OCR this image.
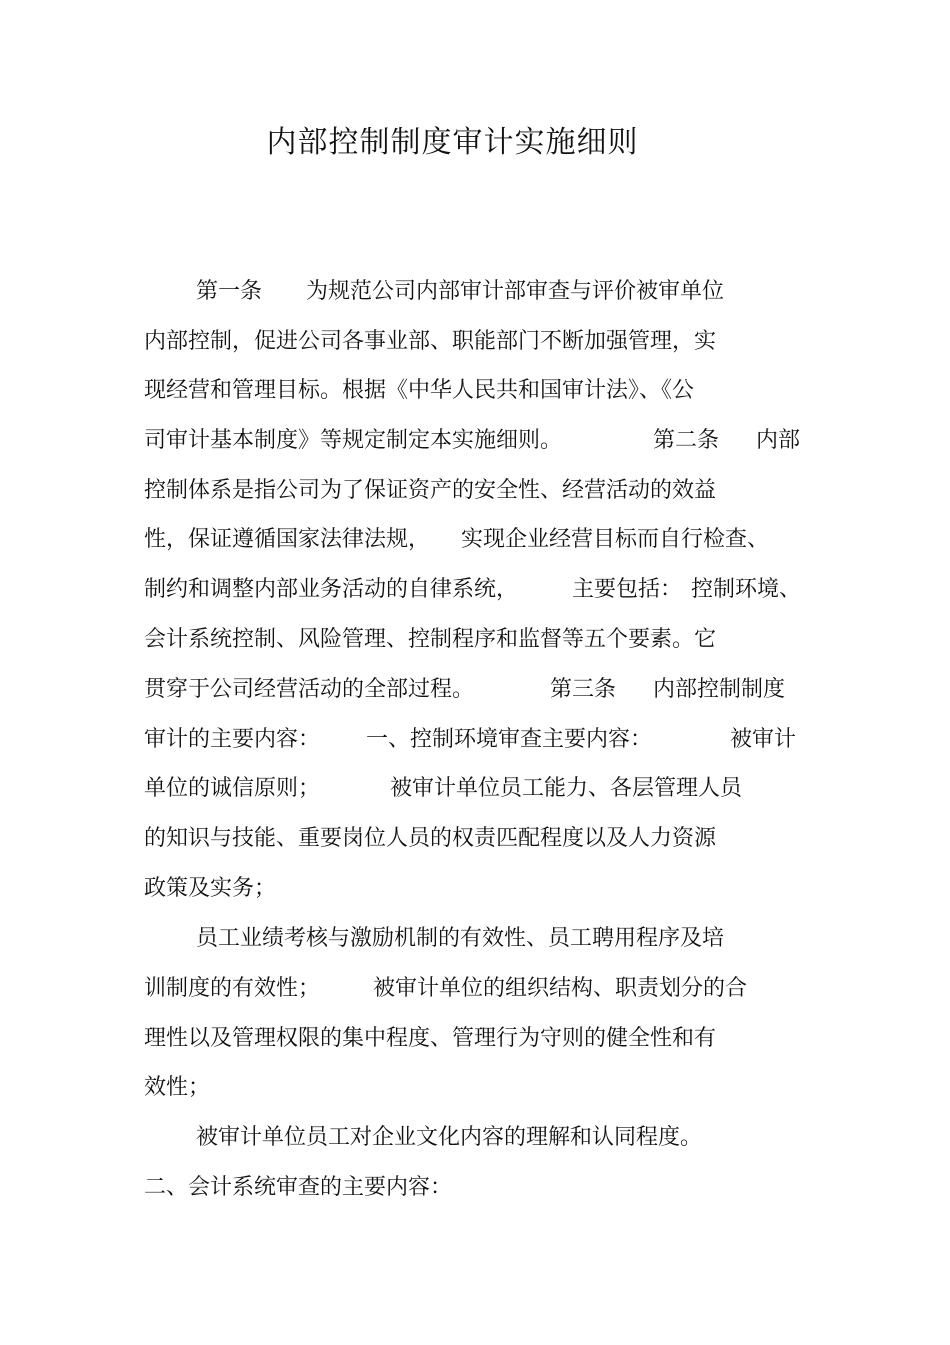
内部控制制度审计实施细则
第一条　　为规范公司内部审计部审查与评价被审单位
内部控制，促进公司各事业部、职能部门不断加强管理，实
现经营和管理目标。根据《中华人民共和国审计法》、《公
司审计基本制度》等规定制定本实施细则。	第二条 内部
控制体系是指公司为了保证资产的安全性、经营活动的效益
性，保证遵循国家法律法规， 实现企业经营目标而自行检查、
制约和调整内部业务活动的自律系统， 主要包括： 控制环境、
会计系统控制、风险管理、控制程序和监督等五个要素。它
贯穿于公司经营活动的全部过程。	第三条 内部控制制度
审计的主要内容： 一、控制环境审查主要内容：	被审计
单位的诚信原则；	被审计单位员工能力、各层管理人员
的知识与技能、重要岗位人员的权责匹配程度以及人力资源
政策及实务；
员工业绩考核与激励机制的有效性、员工聘用程序及培
训制度的有效性； 被审计单位的组织结构、职责划分的合
理性以及管理权限的集中程度、管理行为守则的健全性和有
效性；
被审计单位员工对企业文化内容的理解和认同程度。
二、会计系统审查的主要内容：
